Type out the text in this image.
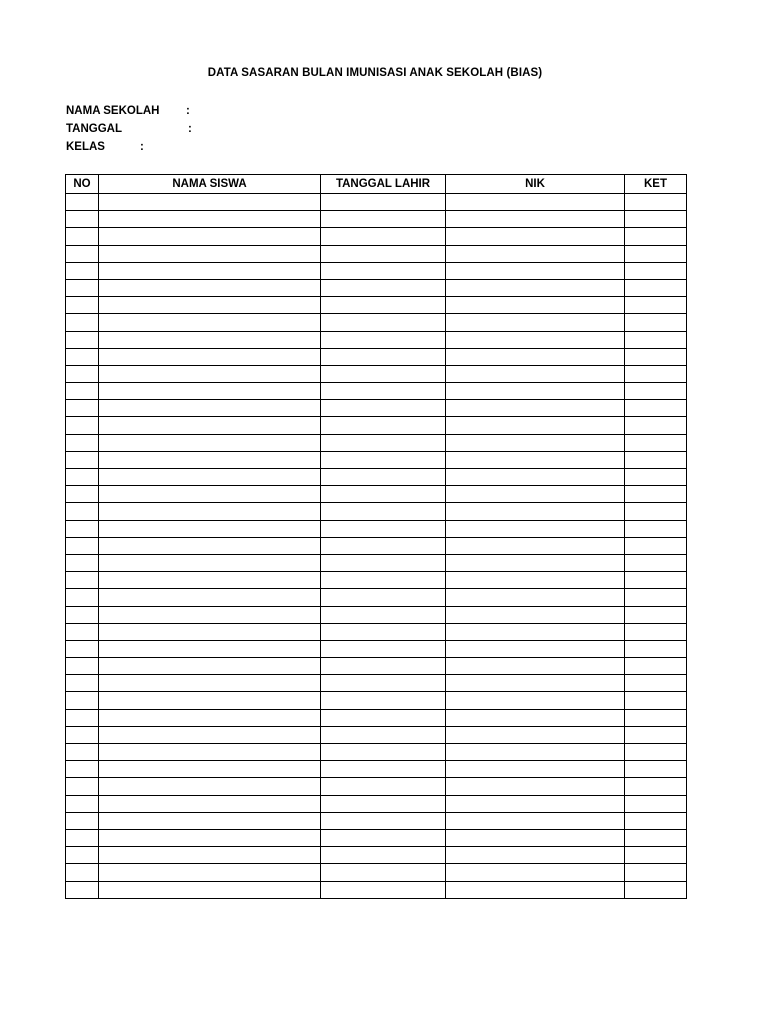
DATA SASARAN BULAN IMUNISASI ANAK SEKOLAH (BIAS)
NAMA SEKOLAH :
TANGGAL	:
KELAS	:
NO	NAMA SISWA	TANGGAL LAHIR	NIK	KET
